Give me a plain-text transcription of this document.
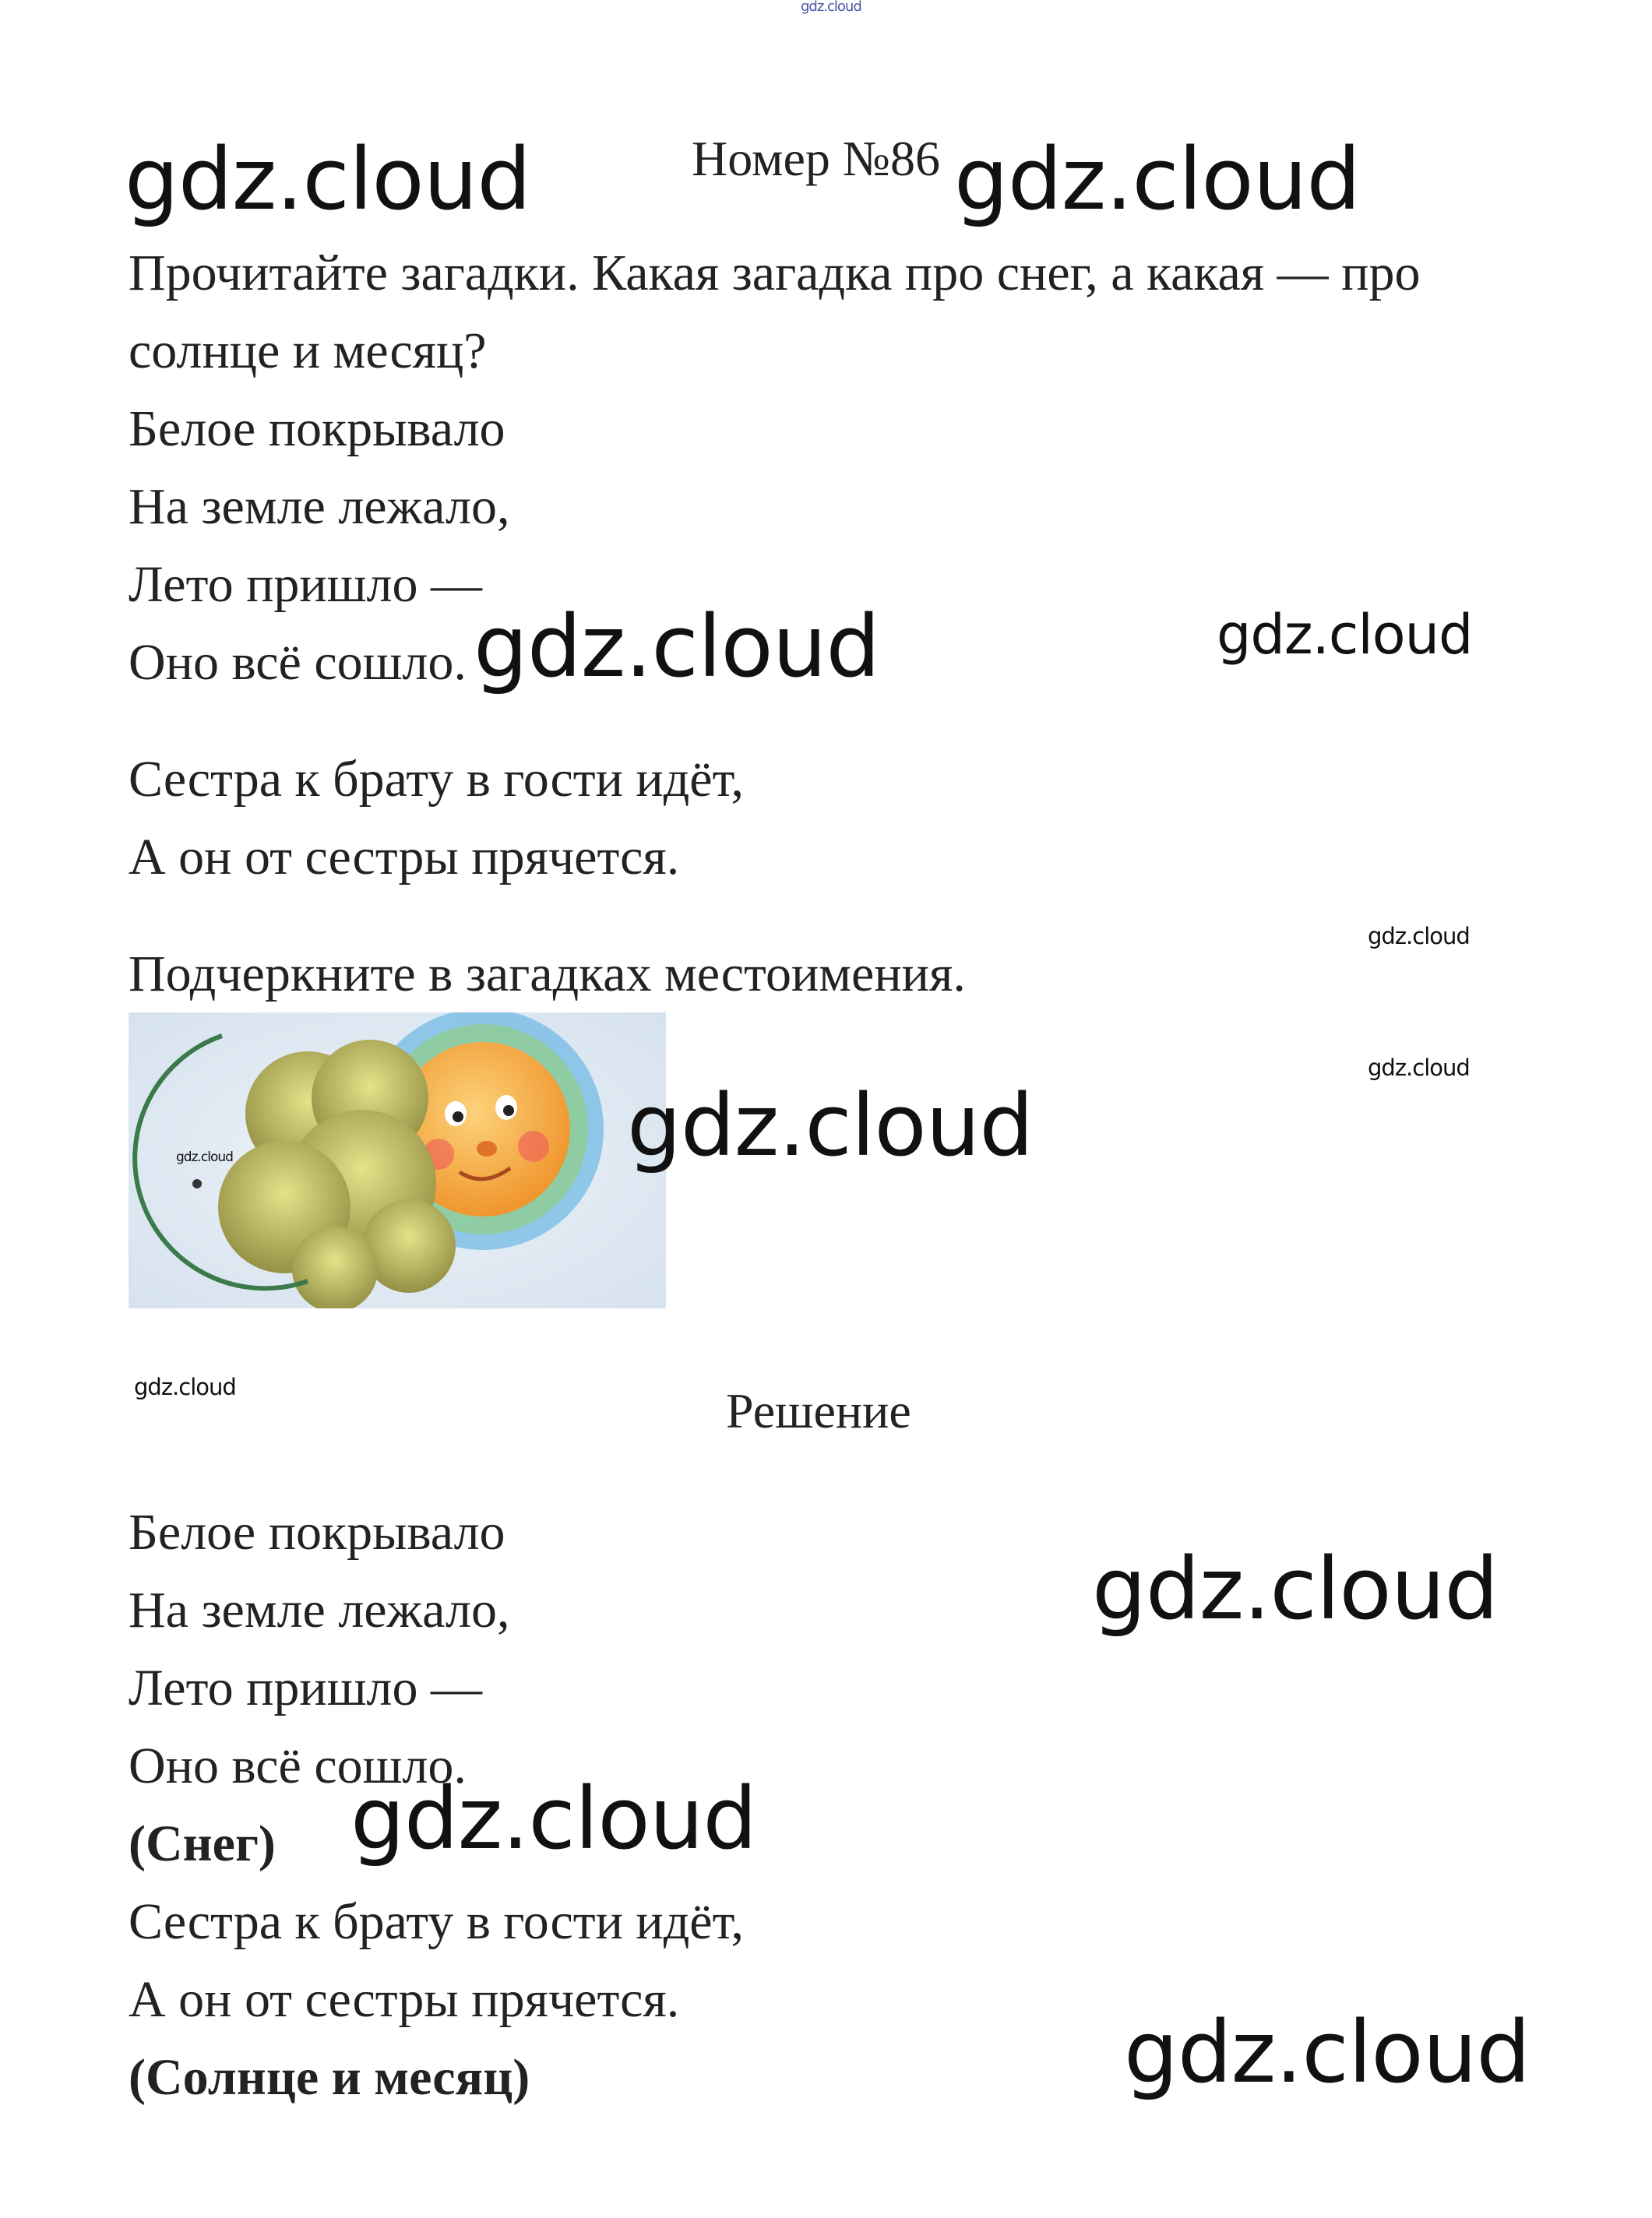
gdz.cloud
gdz.cloud	Номер №86 gdz.cloud
Прочитайте загадки. Какая загадка про снег, а какая — про
солнце и месяц?
Белое покрывало
На земле лежало,
Лето пришло —
Оно всё сошло. gdz.cloud	gdz.cloud
Сестра к брату в гости идёт,
А он от сестры прячется.
gdz.cloud
Подчеркните в загадках местоимения.
gdz.cloud
gdz.cloud	gdz.cloud
gdz.cloud	Решение
Белое покрывало
gdz.cloud
На земле лежало,
Лето пришло —
Оно всё сошло.
(Снег) gdz.cloud
Сестра к брату в гости идёт,
А он от сестры прячется.
(Солнце и месяц)	gdz.cloud
